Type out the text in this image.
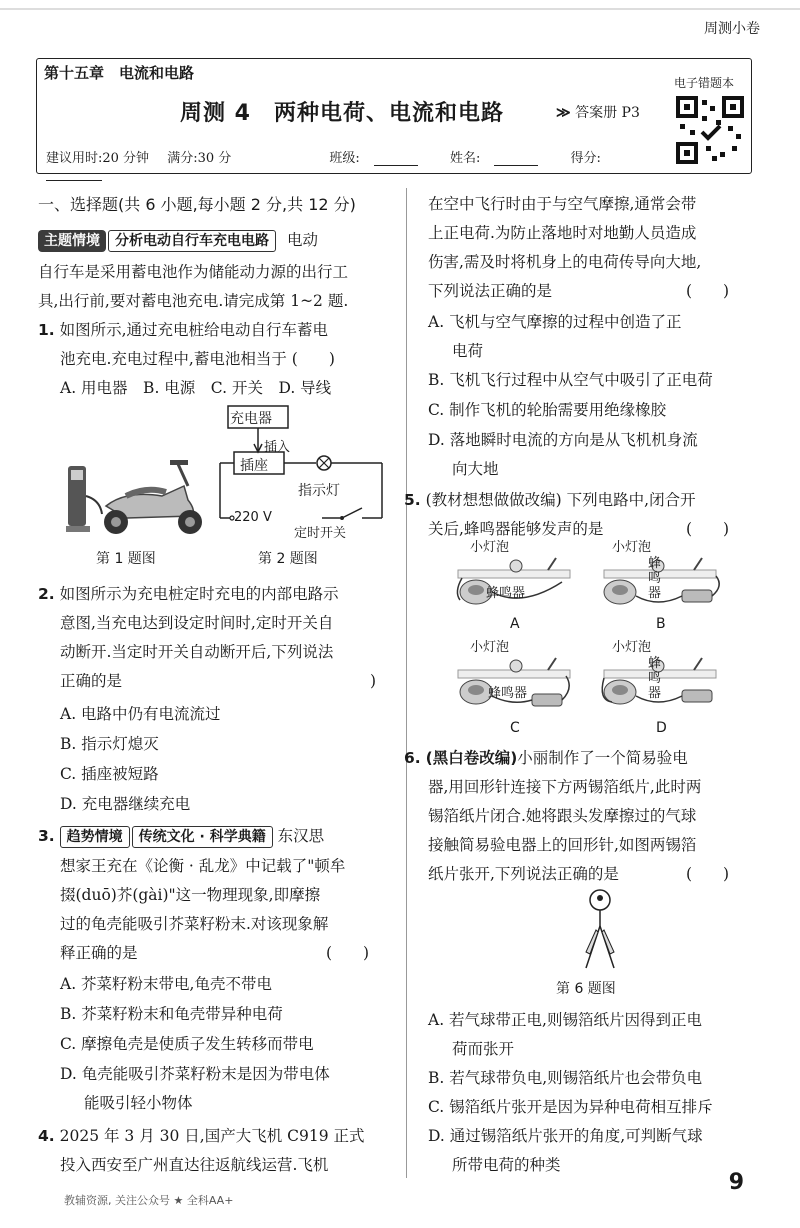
周测小卷
第十五章　电流和电路
周测 4　两种电荷、电流和电路	≫ 答案册 P3
电子错题本
建议用时:20 分钟 满分:30 分	班级:	姓名:	得分:
一、选择题(共 6 小题,每小题 2 分,共 12 分)
主题情境 分析电动自行车充电电路 电动
自行车是采用蓄电池作为储能动力源的出行工
具,出行前,要对蓄电池充电.请完成第 1~2 题.
1. 如图所示,通过充电桩给电动自行车蓄电
池充电.充电过程中,蓄电池相当于 (　　)
A. 用电器　B. 电源　C. 开关　D. 导线
第 1 题图
充电器
插入
插座
指示灯
220 V
定时开关
第 2 题图
2. 如图所示为充电桩定时充电的内部电路示
意图,当充电达到设定时间时,定时开关自
动断开.当定时开关自动断开后,下列说法
正确的是	)
A. 电路中仍有电流流过
B. 指示灯熄灭
C. 插座被短路
D. 充电器继续充电
3. 趋势情境 传统文化 · 科学典籍 东汉思
想家王充在《论衡 · 乱龙》中记载了"顿牟
掇(duō)芥(gài)"这一物理现象,即摩擦
过的龟壳能吸引芥菜籽粉末.对该现象解
释正确的是	(　　)
A. 芥菜籽粉末带电,龟壳不带电
B. 芥菜籽粉末和龟壳带异种电荷
C. 摩擦龟壳是使质子发生转移而带电
D. 龟壳能吸引芥菜籽粉末是因为带电体
能吸引轻小物体
4. 2025 年 3 月 30 日,国产大飞机 C919 正式
投入西安至广州直达往返航线运营.飞机
在空中飞行时由于与空气摩擦,通常会带
上正电荷.为防止落地时对地勤人员造成
伤害,需及时将机身上的电荷传导向大地,
下列说法正确的是	(　　)
A. 飞机与空气摩擦的过程中创造了正
电荷
B. 飞机飞行过程中从空气中吸引了正电荷
C. 制作飞机的轮胎需要用绝缘橡胶
D. 落地瞬时电流的方向是从飞机机身流
向大地
5. (教材想想做做改编) 下列电路中,闭合开
关后,蜂鸣器能够发声的是	(　　)
小灯泡
蜂鸣器
A
小灯泡
蜂
鸣
器
B
小灯泡
蜂鸣器
C
小灯泡
蜂
鸣
器
D
6. (黑白卷改编)小丽制作了一个简易验电
器,用回形针连接下方两锡箔纸片,此时两
锡箔纸片闭合.她将跟头发摩擦过的气球
接触简易验电器上的回形针,如图两锡箔
纸片张开,下列说法正确的是	(　　)
第 6 题图
A. 若气球带正电,则锡箔纸片因得到正电
荷而张开
B. 若气球带负电,则锡箔纸片也会带负电
C. 锡箔纸片张开是因为异种电荷相互排斥
D. 通过锡箔纸片张开的角度,可判断气球
所带电荷的种类
9
教辅资源, 关注公众号 ★ 全科AA+
